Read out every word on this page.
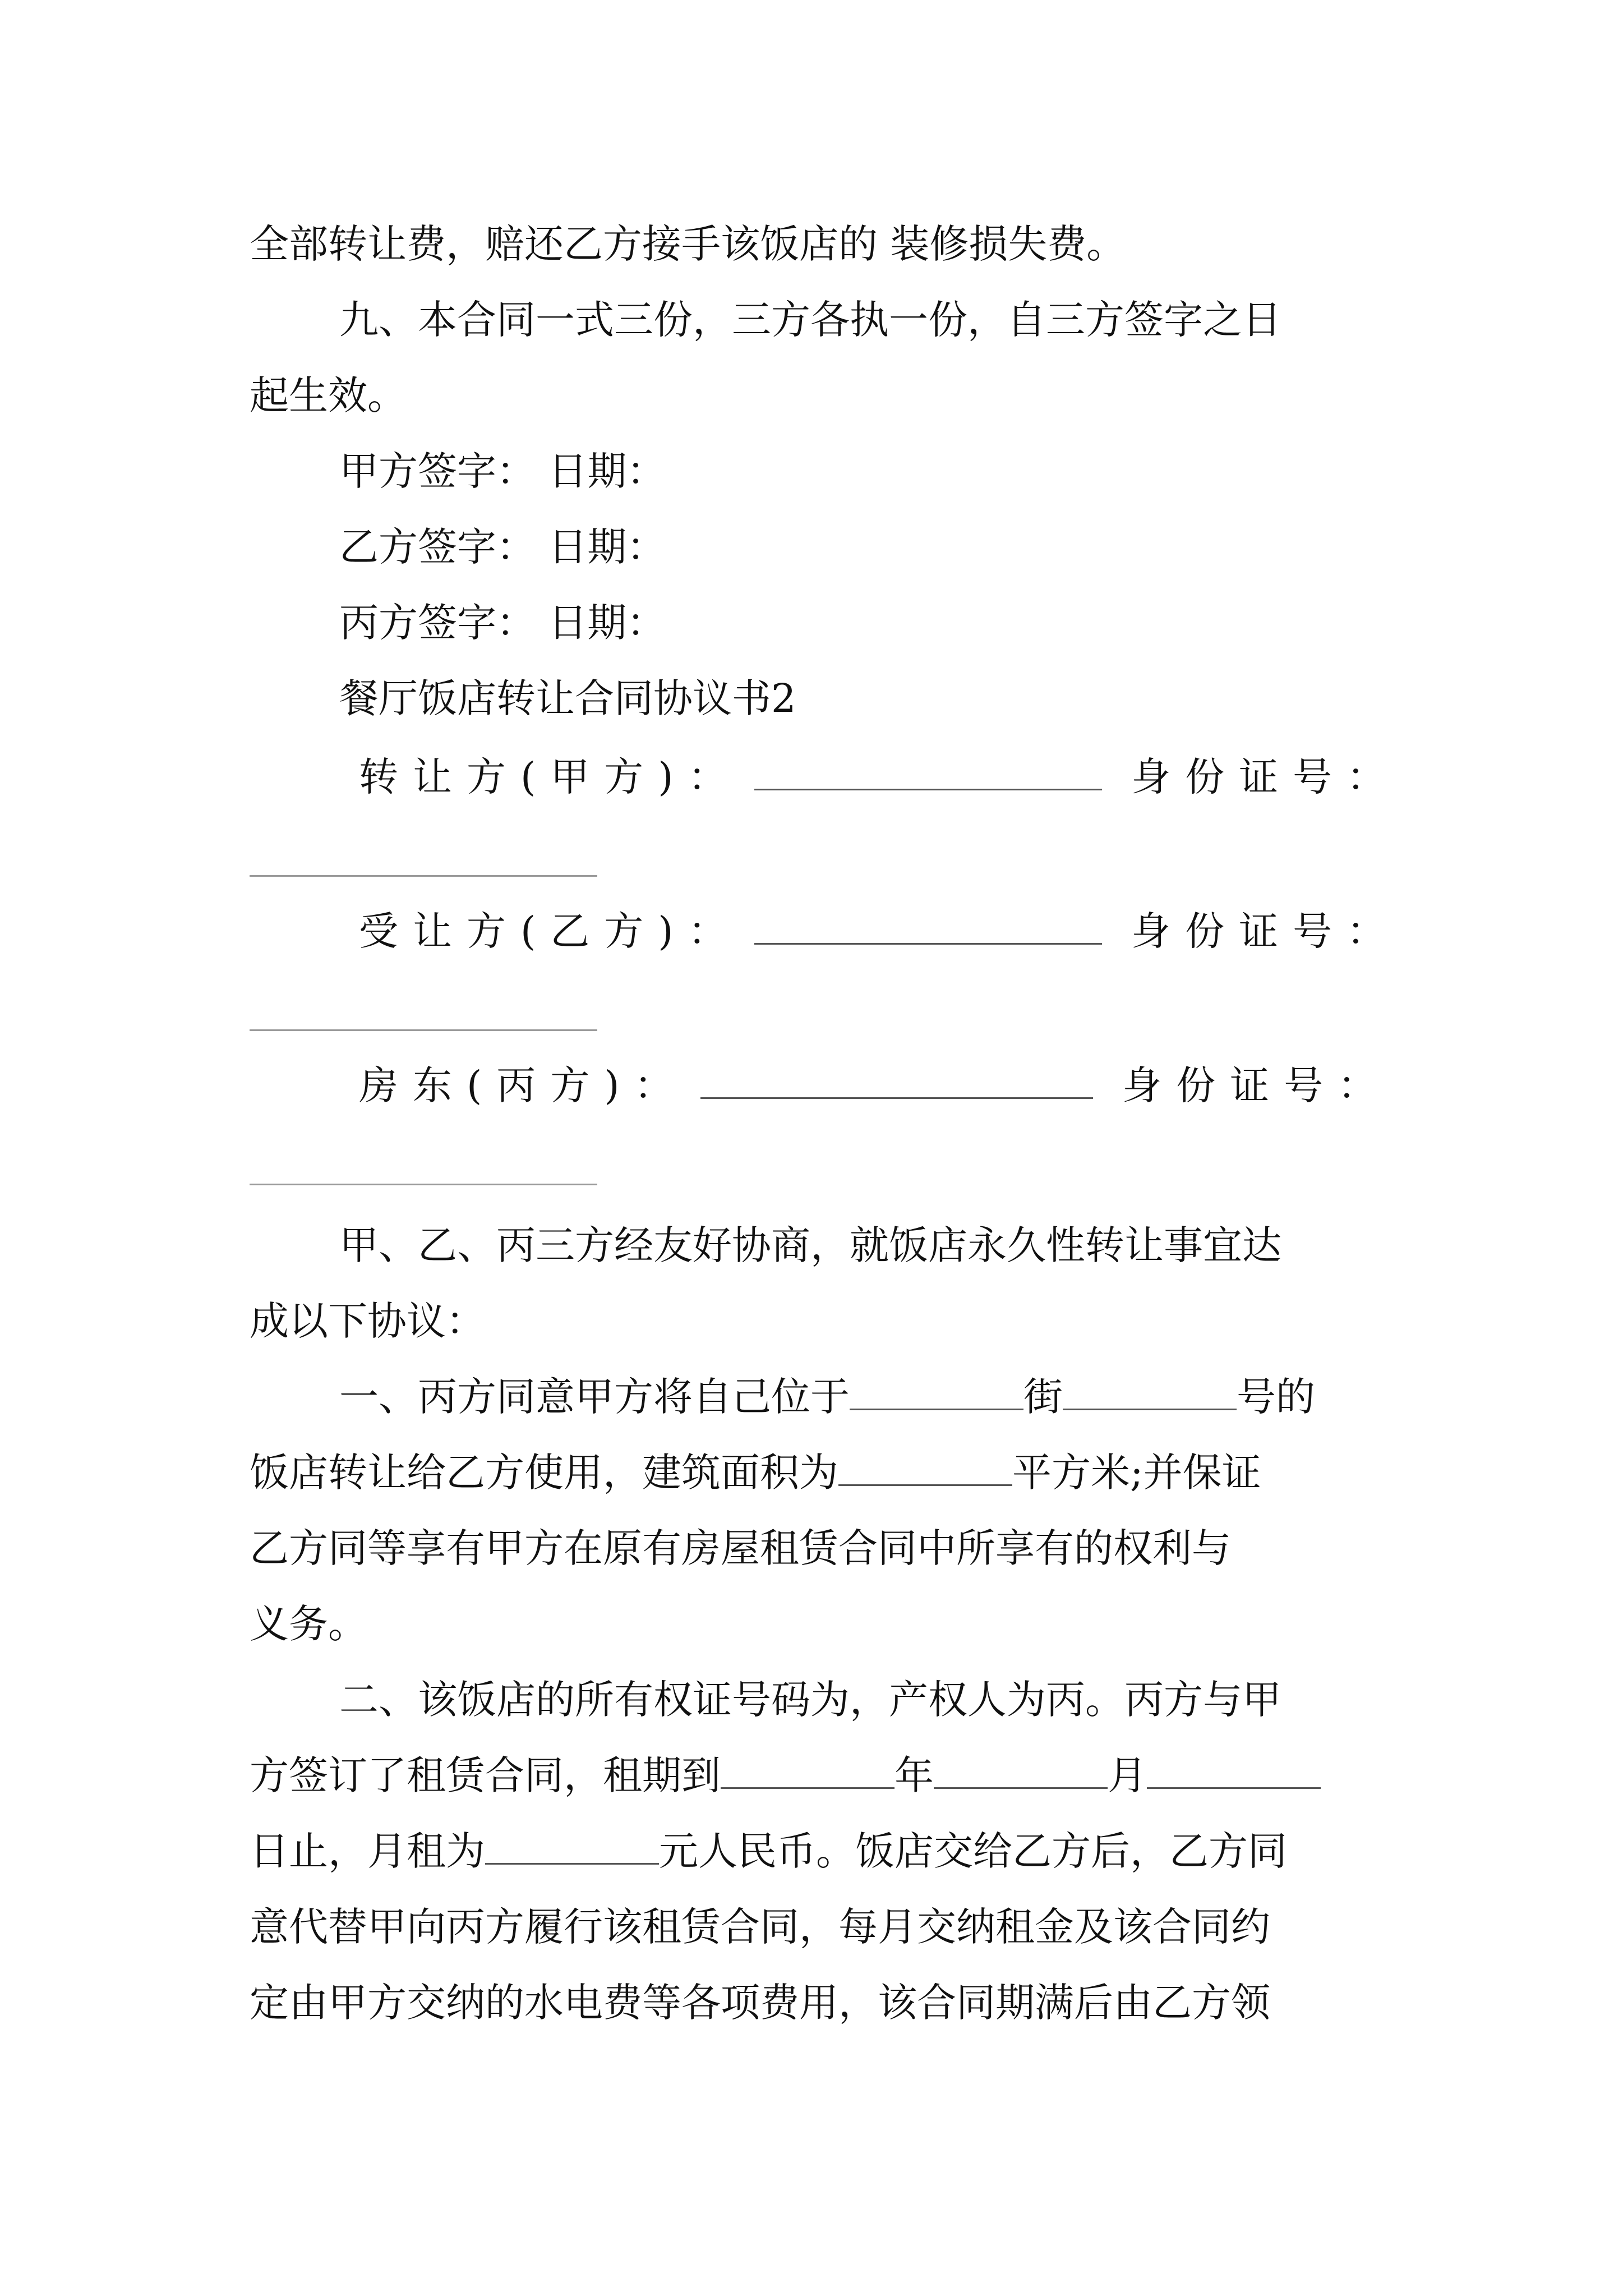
全部转让费，赔还乙方接手该饭店的 装修损失费。
九、本合同一式三份，三方各执一份，自三方签字之日
起生效。
甲方签字： 日期：
乙方签字： 日期：
丙方签字： 日期：
餐厅饭店转让合同协议书2
转让方(甲方)：	身份证号：
受让方(乙方)：	身份证号：
房东(丙方)：	身份证号：
甲、乙、丙三方经友好协商，就饭店永久性转让事宜达
成以下协议：
一、丙方同意甲方将自己位于	街	号的
饭店转让给乙方使用，建筑面积为	平方米;并保证
乙方同等享有甲方在原有房屋租赁合同中所享有的权利与
义务。
二、该饭店的所有权证号码为，产权人为丙。丙方与甲
方签订了租赁合同，租期到	年	月
日止，月租为	元人民币。饭店交给乙方后，乙方同
意代替甲向丙方履行该租赁合同，每月交纳租金及该合同约
定由甲方交纳的水电费等各项费用，该合同期满后由乙方领
